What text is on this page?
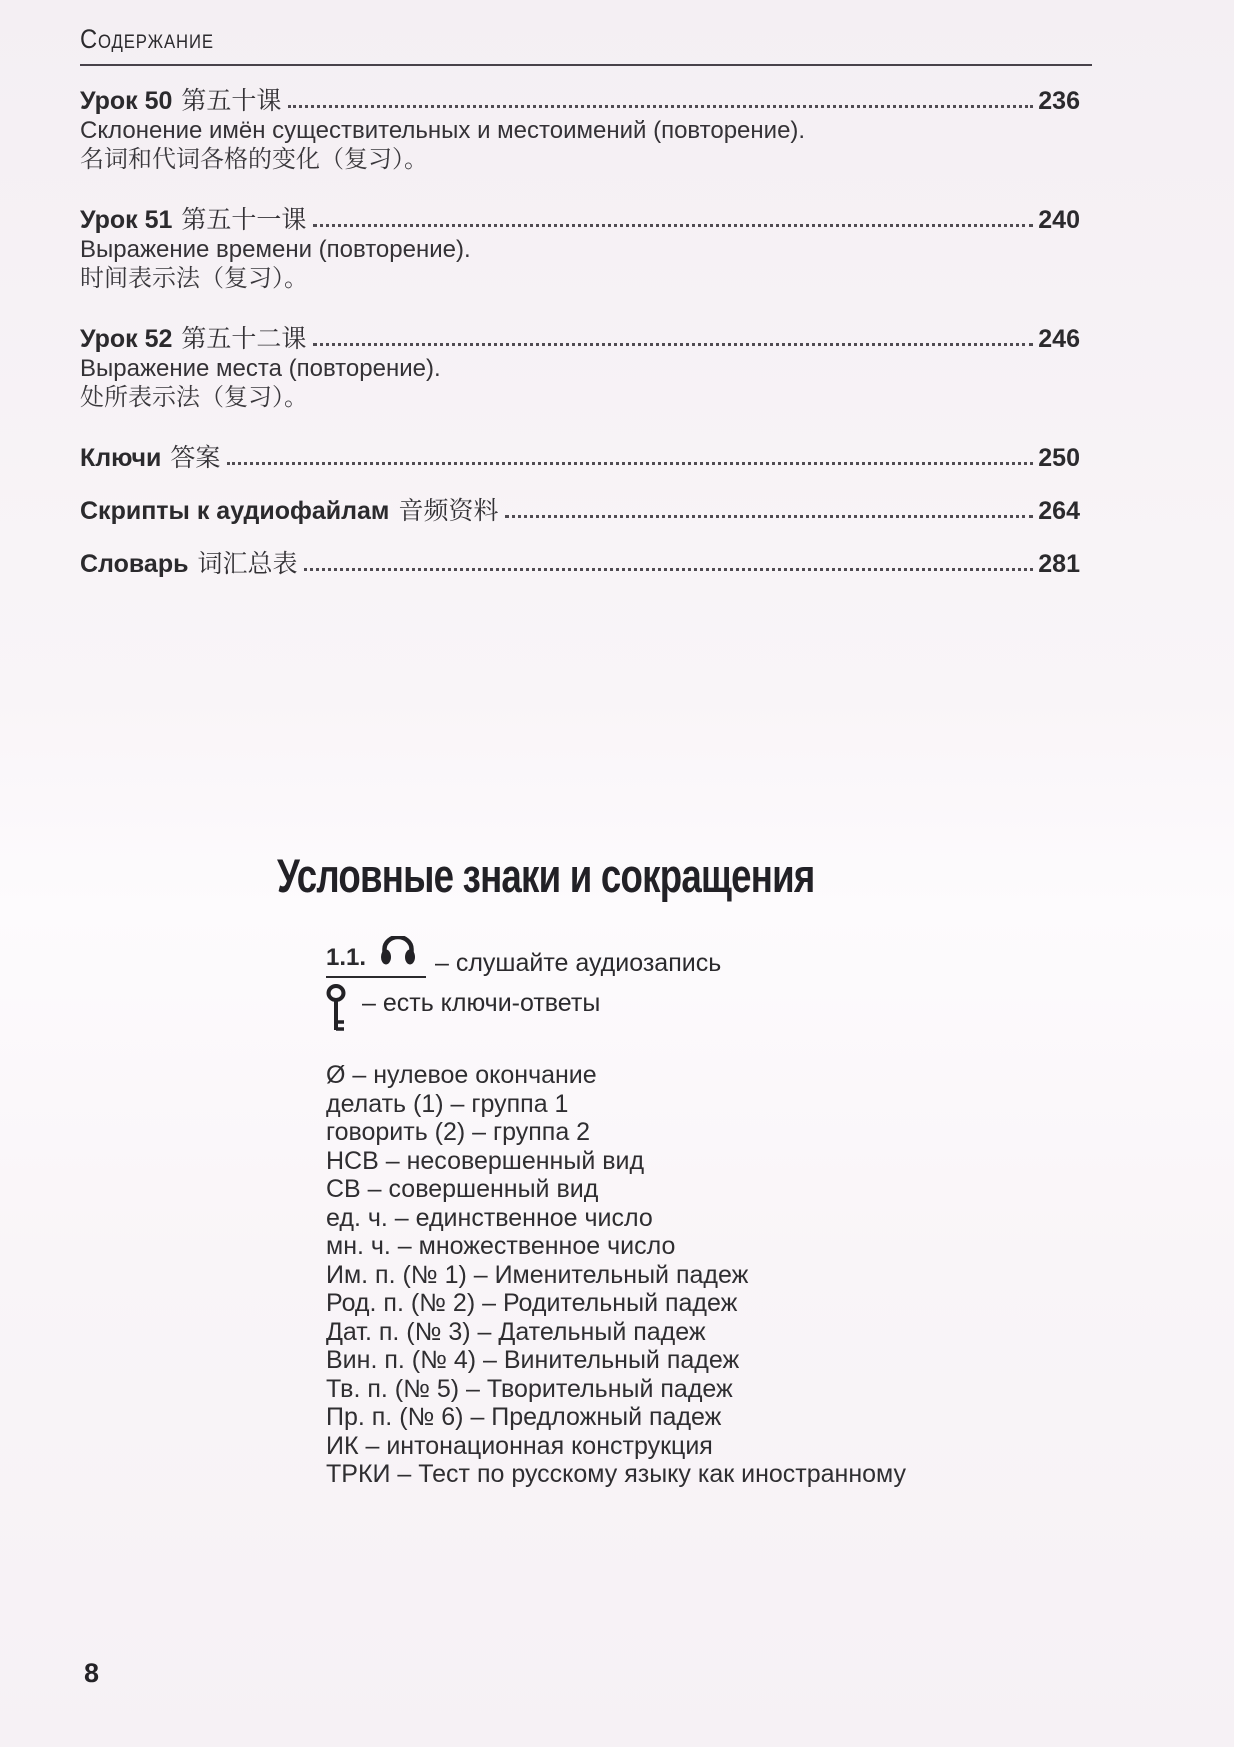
Содержание
Урок 50 第五十课	236
Склонение имён существительных и местоимений (повторение).
名词和代词各格的变化（复习）。
Урок 51 第五十一课	240
Выражение времени (повторение).
时间表示法（复习）。
Урок 52 第五十二课	246
Выражение места (повторение).
处所表示法（复习）。
Ключи 答案	250
Скрипты к аудиофайлам 音频资料	264
Словарь 词汇总表	281
Условные знаки и сокращения
1.1.	– слушайте аудиозапись
– есть ключи-ответы
Ø – нулевое окончание
делать (1) – группа 1
говорить (2) – группа 2
НСВ – несовершенный вид
СВ – совершенный вид
ед. ч. – единственное число
мн. ч. – множественное число
Им. п. (№ 1) – Именительный падеж
Род. п. (№ 2) – Родительный падеж
Дат. п. (№ 3) – Дательный падеж
Вин. п. (№ 4) – Винительный падеж
Тв. п. (№ 5) – Творительный падеж
Пр. п. (№ 6) – Предложный падеж
ИК – интонационная конструкция
ТРКИ – Тест по русскому языку как иностранному
8
